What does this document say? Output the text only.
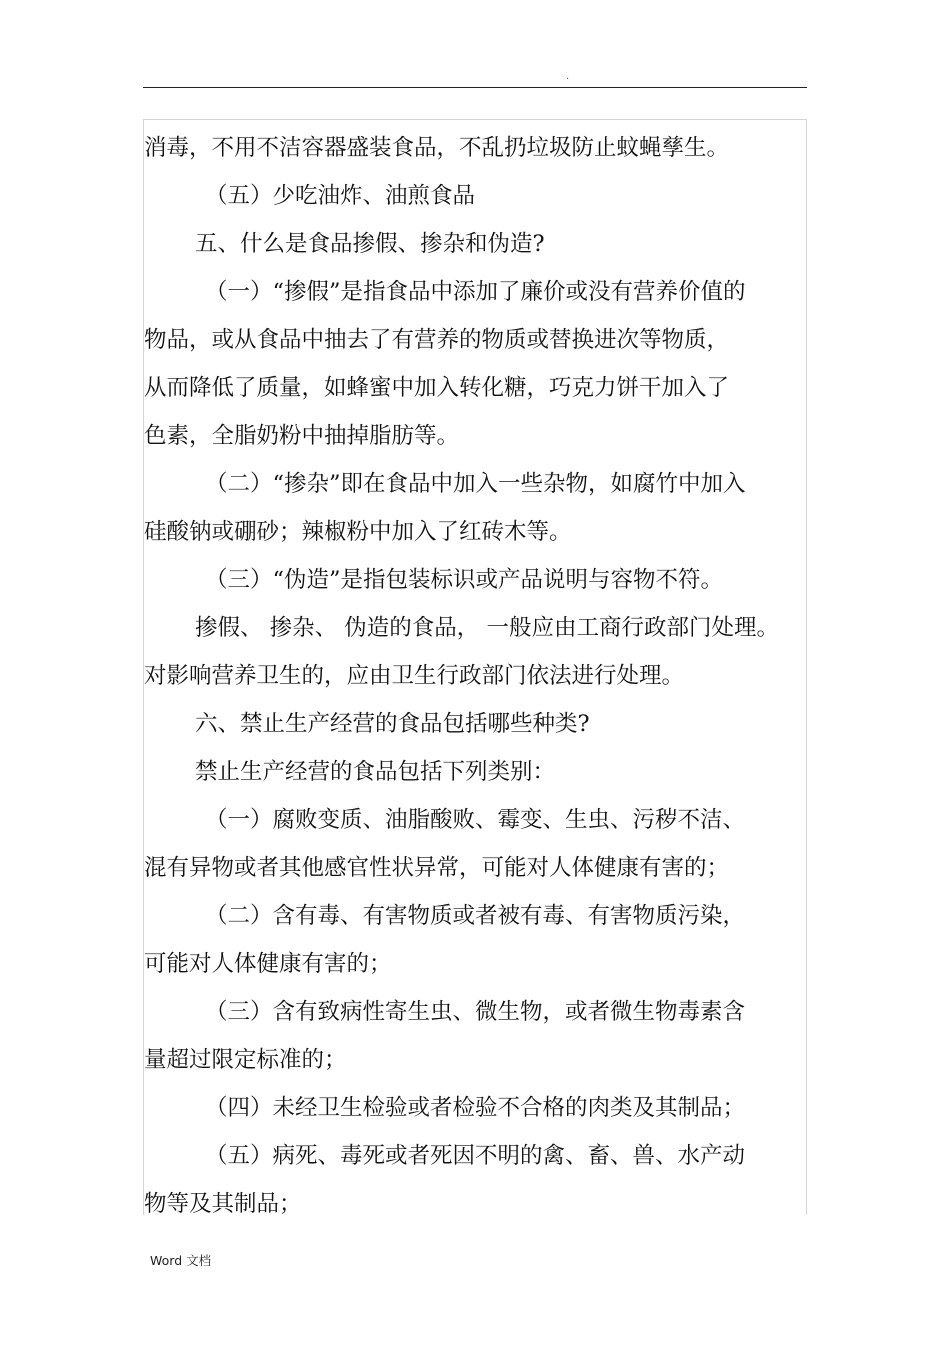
.
消毒，不用不洁容器盛装食品，不乱扔垃圾防止蚊蝇孳生。
（五）少吃油炸、油煎食品
五、什么是食品掺假、掺杂和伪造?
（一）“掺假”是指食品中添加了廉价或没有营养价值的
物品，或从食品中抽去了有营养的物质或替换进次等物质，
从而降低了质量，如蜂蜜中加入转化糖，巧克力饼干加入了
色素，全脂奶粉中抽掉脂肪等。
（二）“掺杂”即在食品中加入一些杂物，如腐竹中加入
硅酸钠或硼砂；辣椒粉中加入了红砖木等。
（三）“伪造”是指包装标识或产品说明与容物不符。
掺假、 掺杂、 伪造的食品， 一般应由工商行政部门处理。
对影响营养卫生的，应由卫生行政部门依法进行处理。
六、禁止生产经营的食品包括哪些种类?
禁止生产经营的食品包括下列类别：
（一）腐败变质、油脂酸败、霉变、生虫、污秽不洁、
混有异物或者其他感官性状异常，可能对人体健康有害的；
（二）含有毒、有害物质或者被有毒、有害物质污染，
可能对人体健康有害的；
（三）含有致病性寄生虫、微生物，或者微生物毒素含
量超过限定标准的；
（四）未经卫生检验或者检验不合格的肉类及其制品；
（五）病死、毒死或者死因不明的禽、畜、兽、水产动
物等及其制品；
Word 文档
